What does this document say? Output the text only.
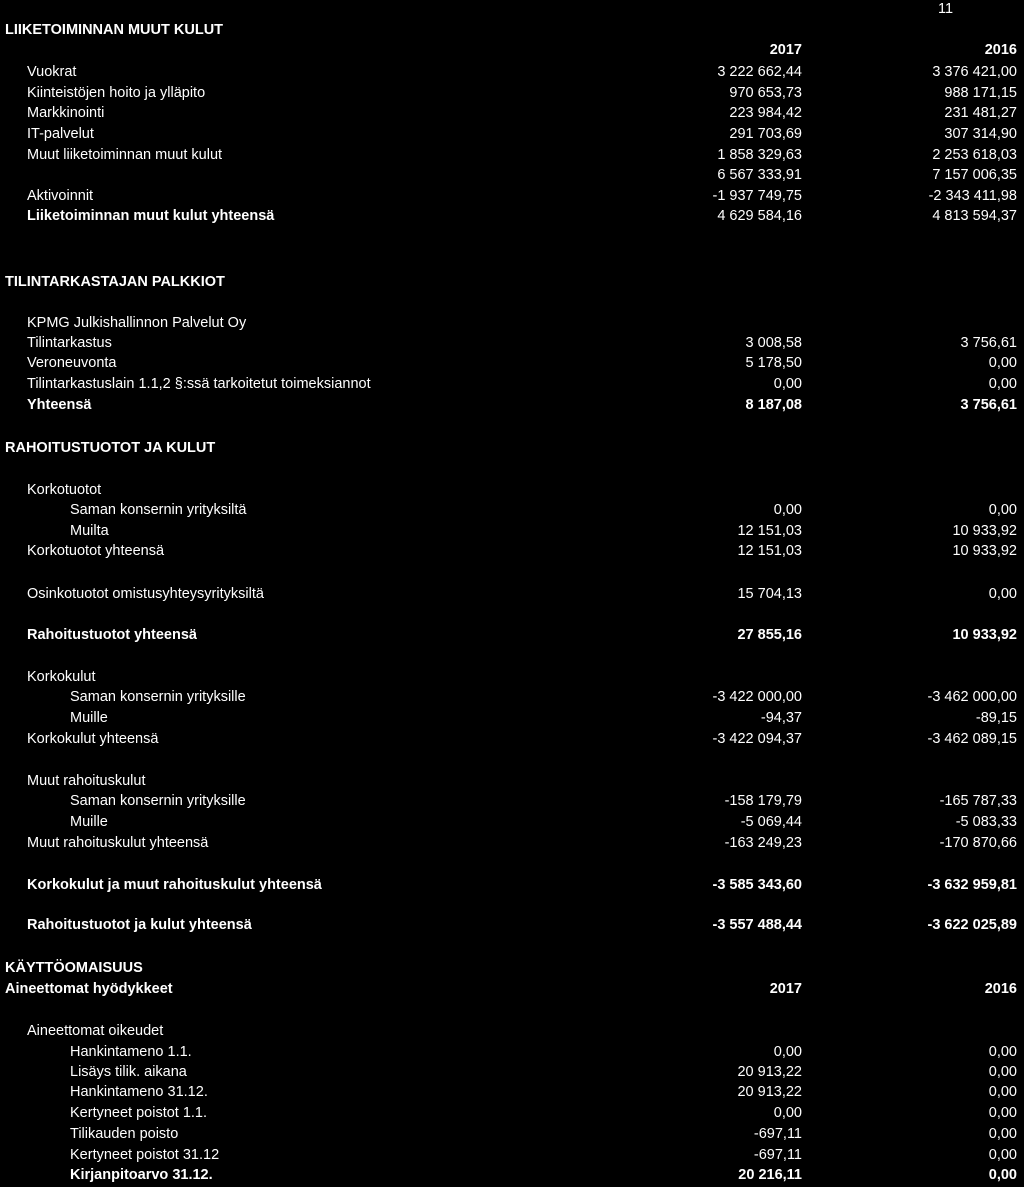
11
LIIKETOIMINNAN MUUT KULUT
2017	2016
Vuokrat	3 222 662,44	3 376 421,00
Kiinteistöjen hoito ja ylläpito	970 653,73	988 171,15
Markkinointi	223 984,42	231 481,27
IT-palvelut	291 703,69	307 314,90
Muut liiketoiminnan muut kulut	1 858 329,63	2 253 618,03
6 567 333,91	7 157 006,35
Aktivoinnit	-1 937 749,75	-2 343 411,98
Liiketoiminnan muut kulut yhteensä	4 629 584,16	4 813 594,37
TILINTARKASTAJAN PALKKIOT
KPMG Julkishallinnon Palvelut Oy
Tilintarkastus	3 008,58	3 756,61
Veroneuvonta	5 178,50	0,00
Tilintarkastuslain 1.1,2 §:ssä tarkoitetut toimeksiannot	0,00	0,00
Yhteensä	8 187,08	3 756,61
RAHOITUSTUOTOT JA KULUT
Korkotuotot
Saman konsernin yrityksiltä	0,00	0,00
Muilta	12 151,03	10 933,92
Korkotuotot yhteensä	12 151,03	10 933,92
Osinkotuotot omistusyhteysyrityksiltä	15 704,13	0,00
Rahoitustuotot yhteensä	27 855,16	10 933,92
Korkokulut
Saman konsernin yrityksille	-3 422 000,00	-3 462 000,00
Muille	-94,37	-89,15
Korkokulut yhteensä	-3 422 094,37	-3 462 089,15
Muut rahoituskulut
Saman konsernin yrityksille	-158 179,79	-165 787,33
Muille	-5 069,44	-5 083,33
Muut rahoituskulut yhteensä	-163 249,23	-170 870,66
Korkokulut ja muut rahoituskulut yhteensä	-3 585 343,60	-3 632 959,81
Rahoitustuotot ja kulut yhteensä	-3 557 488,44	-3 622 025,89
KÄYTTÖOMAISUUS
Aineettomat hyödykkeet	2017	2016
Aineettomat oikeudet
Hankintameno 1.1.	0,00	0,00
Lisäys tilik. aikana	20 913,22	0,00
Hankintameno 31.12.	20 913,22	0,00
Kertyneet poistot 1.1.	0,00	0,00
Tilikauden poisto	-697,11	0,00
Kertyneet poistot 31.12	-697,11	0,00
Kirjanpitoarvo 31.12.	20 216,11	0,00
